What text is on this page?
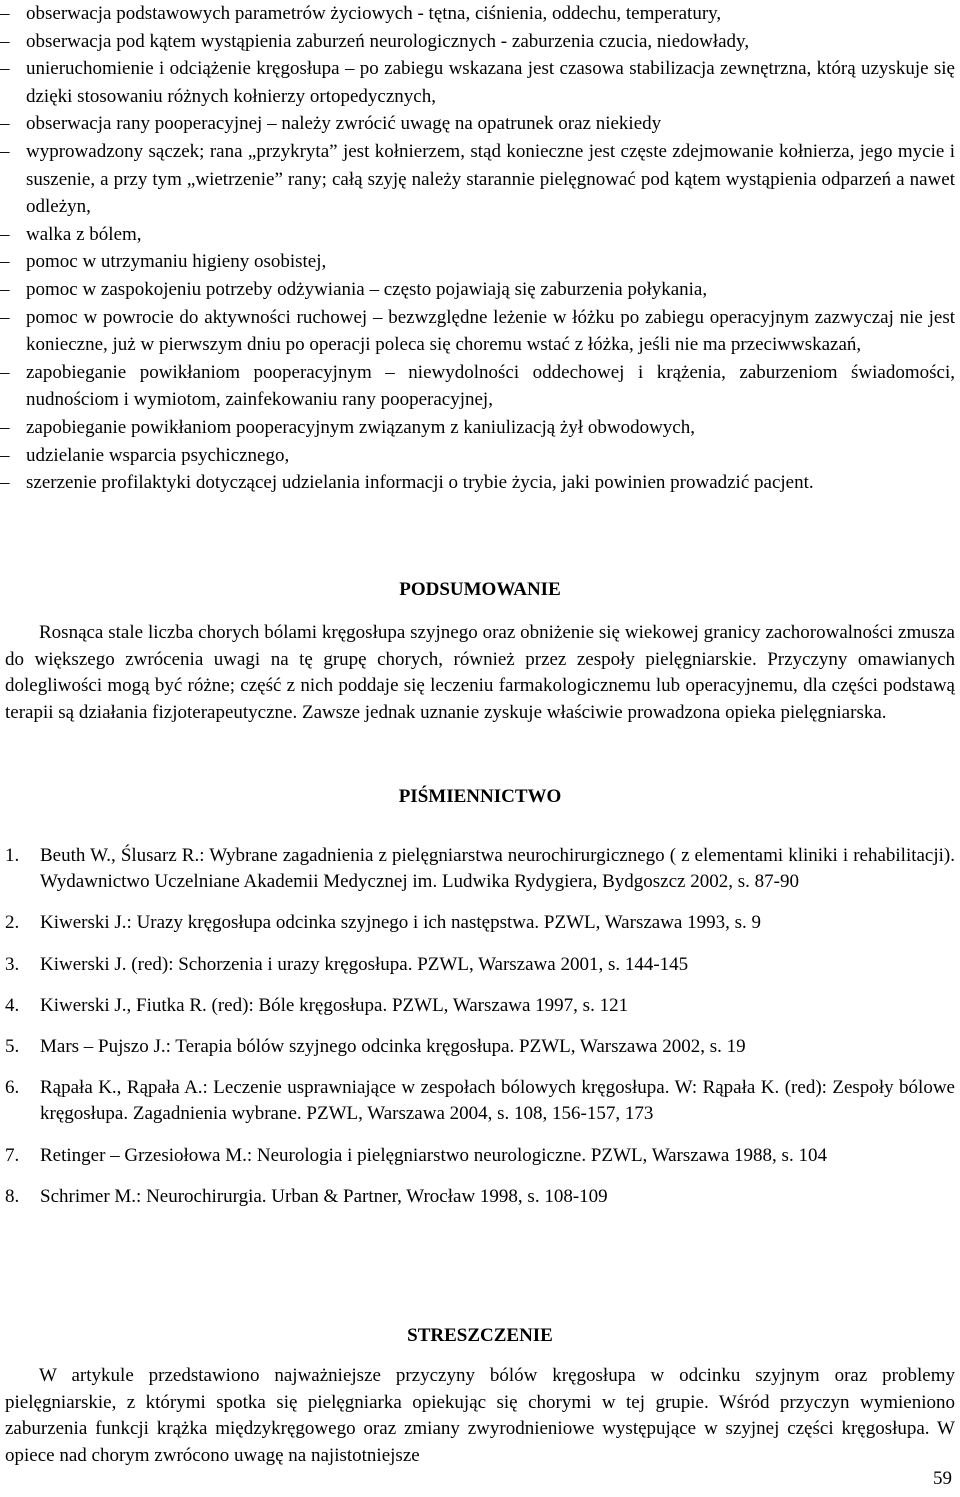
– obserwacja podstawowych parametrów życiowych - tętna, ciśnienia, oddechu, temperatury,
– obserwacja pod kątem wystąpienia zaburzeń neurologicznych - zaburzenia czucia, niedowłady,
– unieruchomienie i odciążenie kręgosłupa – po zabiegu wskazana jest czasowa stabilizacja zewnętrzna, którą uzyskuje się dzięki stosowaniu różnych kołnierzy ortopedycznych,
– obserwacja rany pooperacyjnej – należy zwrócić uwagę na opatrunek oraz niekiedy
– wyprowadzony sączek; rana „przykryta” jest kołnierzem, stąd konieczne jest częste zdejmowanie kołnierza, jego mycie i suszenie, a przy tym „wietrzenie” rany; całą szyję należy starannie pielęgnować pod kątem wystąpienia odparzeń a nawet odleżyn,
– walka z bólem,
– pomoc w utrzymaniu higieny osobistej,
– pomoc w zaspokojeniu potrzeby odżywiania – często pojawiają się zaburzenia połykania,
– pomoc w powrocie do aktywności ruchowej – bezwzględne leżenie w łóżku po zabiegu operacyjnym zazwyczaj nie jest konieczne, już w pierwszym dniu po operacji poleca się choremu wstać z łóżka, jeśli nie ma przeciwwskazań,
– zapobieganie powikłaniom pooperacyjnym – niewydolności oddechowej i krążenia, zaburzeniom świadomości, nudnościom i wymiotom, zainfekowaniu rany pooperacyjnej,
– zapobieganie powikłaniom pooperacyjnym związanym z kaniulizacją żył obwodowych,
– udzielanie wsparcia psychicznego,
– szerzenie profilaktyki dotyczącej udzielania informacji o trybie życia, jaki powinien prowadzić pacjent.
PODSUMOWANIE

Rosnąca stale liczba chorych bólami kręgosłupa szyjnego oraz obniżenie się wiekowej granicy zachorowalności zmusza do większego zwrócenia uwagi na tę grupę chorych, również przez zespoły pielęgniarskie. Przyczyny omawianych dolegliwości mogą być różne; część z nich poddaje się leczeniu farmakologicznemu lub operacyjnemu, dla części podstawą terapii są działania fizjoterapeutyczne. Zawsze jednak uznanie zyskuje właściwie prowadzona opieka pielęgniarska.

PIŚMIENNICTWO
1. Beuth W., Ślusarz R.: Wybrane zagadnienia z pielęgniarstwa neurochirurgicznego ( z elementami kliniki i rehabilitacji). Wydawnictwo Uczelniane Akademii Medycznej im. Ludwika Rydygiera, Bydgoszcz 2002, s. 87-90
2. Kiwerski J.: Urazy kręgosłupa odcinka szyjnego i ich następstwa. PZWL, Warszawa 1993, s. 9
3. Kiwerski J. (red): Schorzenia i urazy kręgosłupa. PZWL, Warszawa 2001, s. 144-145
4. Kiwerski J., Fiutka R. (red): Bóle kręgosłupa. PZWL, Warszawa 1997, s. 121
5. Mars – Pujszo J.: Terapia bólów szyjnego odcinka kręgosłupa. PZWL, Warszawa 2002, s. 19
6. Rąpała K., Rąpała A.: Leczenie usprawniające w zespołach bólowych kręgosłupa. W: Rąpała K. (red): Zespoły bólowe kręgosłupa. Zagadnienia wybrane. PZWL, Warszawa 2004, s. 108, 156-157, 173
7. Retinger – Grzesiołowa M.: Neurologia i pielęgniarstwo neurologiczne. PZWL, Warszawa 1988, s. 104
8. Schrimer M.: Neurochirurgia. Urban & Partner, Wrocław 1998, s. 108-109
STRESZCZENIE

W artykule przedstawiono najważniejsze przyczyny bólów kręgosłupa w odcinku szyjnym oraz problemy pielęgniarskie, z którymi spotka się pielęgniarka opiekując się chorymi w tej grupie. Wśród przyczyn wymieniono zaburzenia funkcji krążka międzykręgowego oraz zmiany zwyrodnieniowe występujące w szyjnej części kręgosłupa. W opiece nad chorym zwrócono uwagę na najistotniejsze

59
